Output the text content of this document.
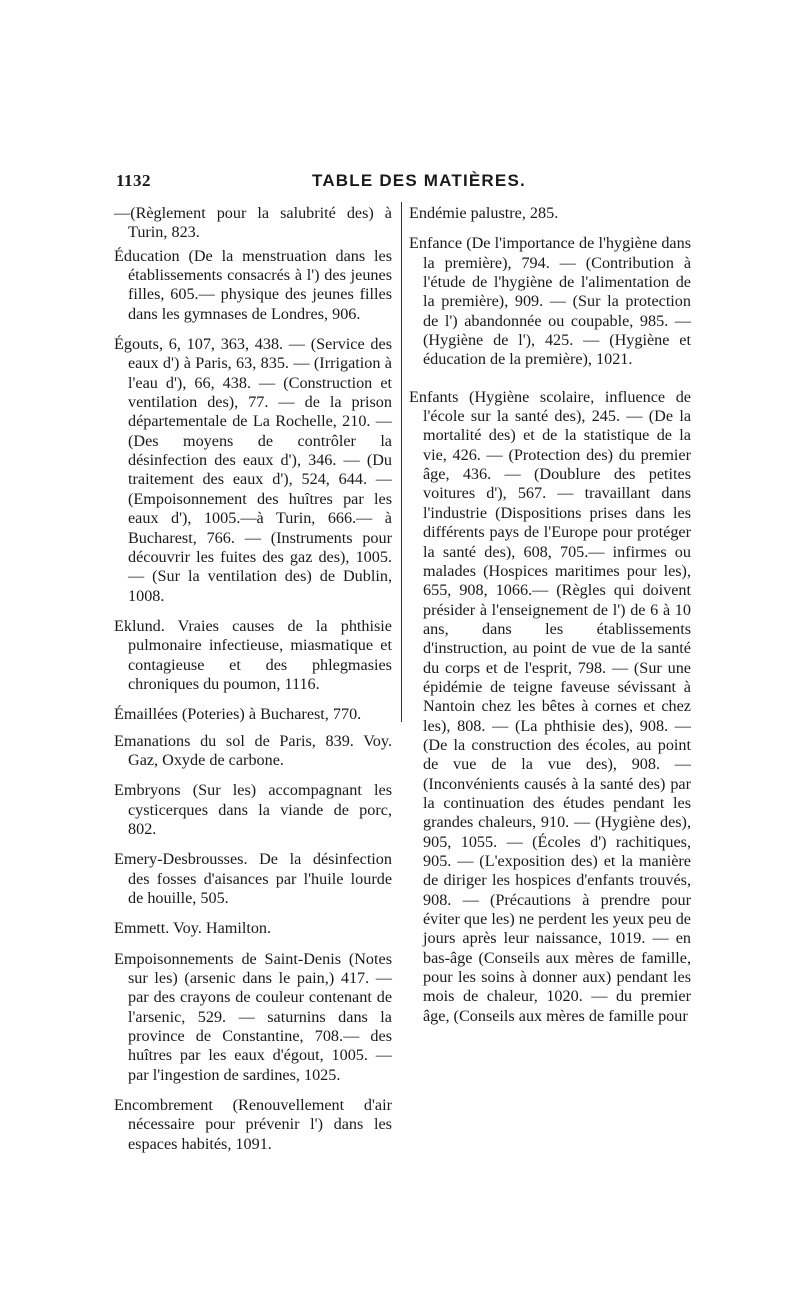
1132	TABLE DES MATIÈRES.

—(Règlement pour la salubrité des) à Turin, 823.

Éducation (De la menstruation dans les établissements consacrés à l') des jeunes filles, 605.— physique des jeunes filles dans les gymnases de Londres, 906.

Égouts, 6, 107, 363, 438. — (Service des eaux d') à Paris, 63, 835. — (Irrigation à l'eau d'), 66, 438. — (Construction et ventilation des), 77. — de la prison départementale de La Rochelle, 210. — (Des moyens de contrôler la désinfection des eaux d'), 346. — (Du traitement des eaux d'), 524, 644. — (Empoisonnement des huîtres par les eaux d'), 1005.—à Turin, 666.— à Bucharest, 766. — (Instruments pour découvrir les fuites des gaz des), 1005. — (Sur la ventilation des) de Dublin, 1008.

Eklund. Vraies causes de la phthisie pulmonaire infectieuse, miasmatique et contagieuse et des phlegmasies chroniques du poumon, 1116.

Émaillées (Poteries) à Bucharest, 770.

Emanations du sol de Paris, 839. Voy. Gaz, Oxyde de carbone.

Embryons (Sur les) accompagnant les cysticerques dans la viande de porc, 802.

Emery-Desbrousses. De la désinfection des fosses d'aisances par l'huile lourde de houille, 505.

Emmett. Voy. Hamilton.

Empoisonnements de Saint-Denis (Notes sur les) (arsenic dans le pain,) 417. — par des crayons de couleur contenant de l'arsenic, 529. — saturnins dans la province de Constantine, 708.— des huîtres par les eaux d'égout, 1005. — par l'ingestion de sardines, 1025.

Encombrement (Renouvellement d'air nécessaire pour prévenir l') dans les espaces habités, 1091.

Endémie palustre, 285.

Enfance (De l'importance de l'hygiène dans la première), 794. — (Contribution à l'étude de l'hygiène de l'alimentation de la première), 909. — (Sur la protection de l') abandonnée ou coupable, 985. — (Hygiène de l'), 425. — (Hygiène et éducation de la première), 1021.

Enfants (Hygiène scolaire, influence de l'école sur la santé des), 245. — (De la mortalité des) et de la statistique de la vie, 426. — (Protection des) du premier âge, 436. — (Doublure des petites voitures d'), 567. — travaillant dans l'industrie (Dispositions prises dans les différents pays de l'Europe pour protéger la santé des), 608, 705.— infirmes ou malades (Hospices maritimes pour les), 655, 908, 1066.— (Règles qui doivent présider à l'enseignement de l') de 6 à 10 ans, dans les établissements d'instruction, au point de vue de la santé du corps et de l'esprit, 798. — (Sur une épidémie de teigne faveuse sévissant à Nantoin chez les bêtes à cornes et chez les), 808. — (La phthisie des), 908. — (De la construction des écoles, au point de vue de la vue des), 908. — (Inconvénients causés à la santé des) par la continuation des études pendant les grandes chaleurs, 910. — (Hygiène des), 905, 1055. — (Écoles d') rachitiques, 905. — (L'exposition des) et la manière de diriger les hospices d'enfants trouvés, 908. — (Précautions à prendre pour éviter que les) ne perdent les yeux peu de jours après leur naissance, 1019. — en bas-âge (Conseils aux mères de famille, pour les soins à donner aux) pendant les mois de chaleur, 1020. — du premier âge, (Conseils aux mères de famille pour
